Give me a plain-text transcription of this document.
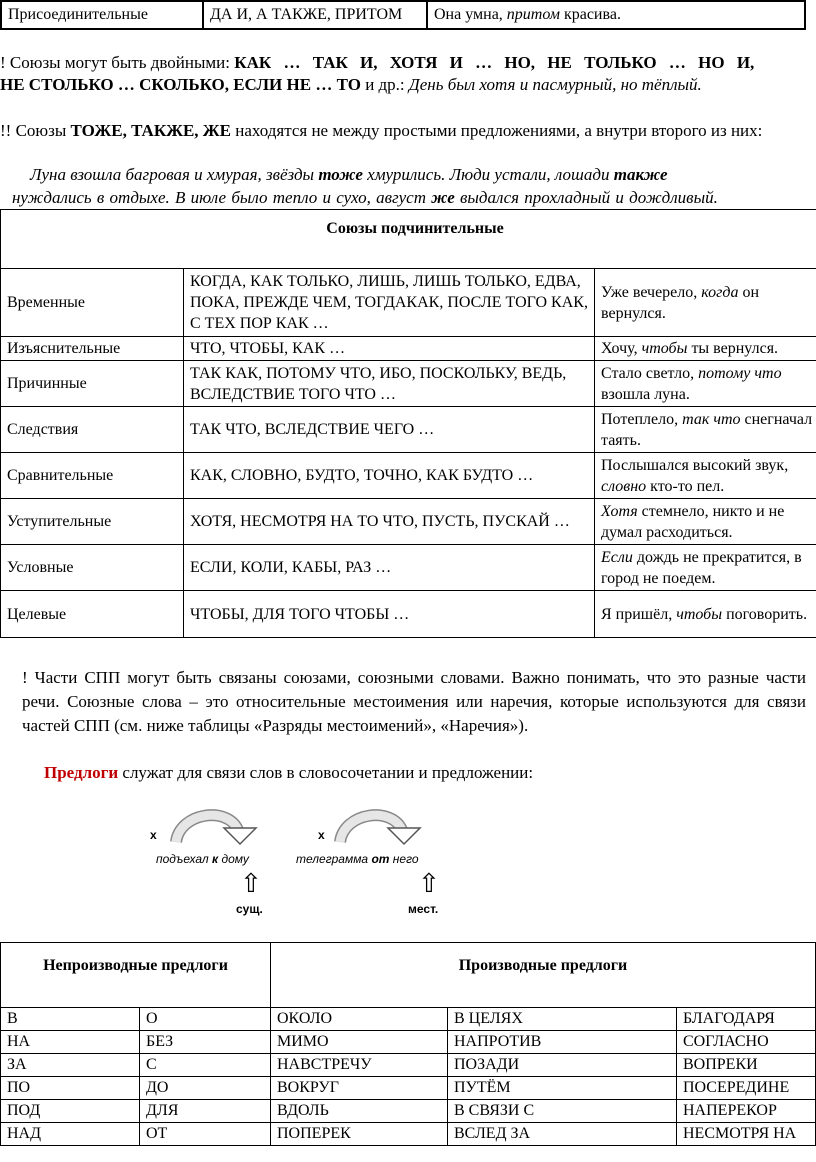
Присоединительные	ДА И, А ТАКЖЕ, ПРИТОМ	Она умна, притом красива.
! Союзы могут быть двойными: КАК … ТАК И, ХОТЯ И … НО, НЕ ТОЛЬКО … НО И,
НЕ СТОЛЬКО … СКОЛЬКО, ЕСЛИ НЕ … ТО и др.: День был хотя и пасмурный, но тёплый.
!! Союзы ТОЖЕ, ТАКЖЕ, ЖЕ находятся не между простыми предложениями, а внутри второго из них:
Луна взошла багровая и хмурая, звёзды тоже хмурились. Люди устали, лошади также
нуждались в отдыхе. В июле было тепло и сухо, август же выдался прохладный и дождливый.
Союзы подчинительные		
Временные	КОГДА, КАК ТОЛЬКО, ЛИШЬ, ЛИШЬ ТОЛЬКО, ЕДВА, ПОКА, ПРЕЖДЕ ЧЕМ, ТОГДАКАК, ПОСЛЕ ТОГО КАК, С ТЕХ ПОР КАК …	Уже вечерело, когда он вернулся.
Изъяснительные	ЧТО, ЧТОБЫ, КАК …	Хочу, чтобы ты вернулся.
Причинные	ТАК КАК, ПОТОМУ ЧТО, ИБО, ПОСКОЛЬКУ, ВЕДЬ, ВСЛЕДСТВИЕ ТОГО ЧТО …	Стало светло, потому что взошла луна.
Следствия	ТАК ЧТО, ВСЛЕДСТВИЕ ЧЕГО …	Потеплело, так что снегначал таять.
Сравнительные	КАК, СЛОВНО, БУДТО, ТОЧНО, КАК БУДТО …	Послышался высокий звук, словно кто-то пел.
Уступительные	ХОТЯ, НЕСМОТРЯ НА ТО ЧТО, ПУСТЬ, ПУСКАЙ …	Хотя стемнело, никто и не думал расходиться.
Условные	ЕСЛИ, КОЛИ, КАБЫ, РАЗ …	Если дождь не прекратится, в город не поедем.
Целевые	ЧТОБЫ, ДЛЯ ТОГО ЧТОБЫ …	Я пришёл, чтобы поговорить.
! Части СПП могут быть связаны союзами, союзными словами. Важно понимать, что это разные части речи. Союзные слова – это относительные местоимения или наречия, которые используются для связи частей СПП (см. ниже таблицы «Разряды местоимений», «Наречия»).
Предлоги служат для связи слов в словосочетании и предложении:
x	x
подъехал к дому	телеграмма от него
⇧	⇧
сущ.	мест.
Непроизводные предлоги		Производные предлоги		
В	О	ОКОЛО	В ЦЕЛЯХ	БЛАГОДАРЯ
НА	БЕЗ	МИМО	НАПРОТИВ	СОГЛАСНО
ЗА	С	НАВСТРЕЧУ	ПОЗАДИ	ВОПРЕКИ
ПО	ДО	ВОКРУГ	ПУТЁМ	ПОСЕРЕДИНЕ
ПОД	ДЛЯ	ВДОЛЬ	В СВЯЗИ С	НАПЕРЕКОР
НАД	ОТ	ПОПЕРЕК	ВСЛЕД ЗА	НЕСМОТРЯ НА
